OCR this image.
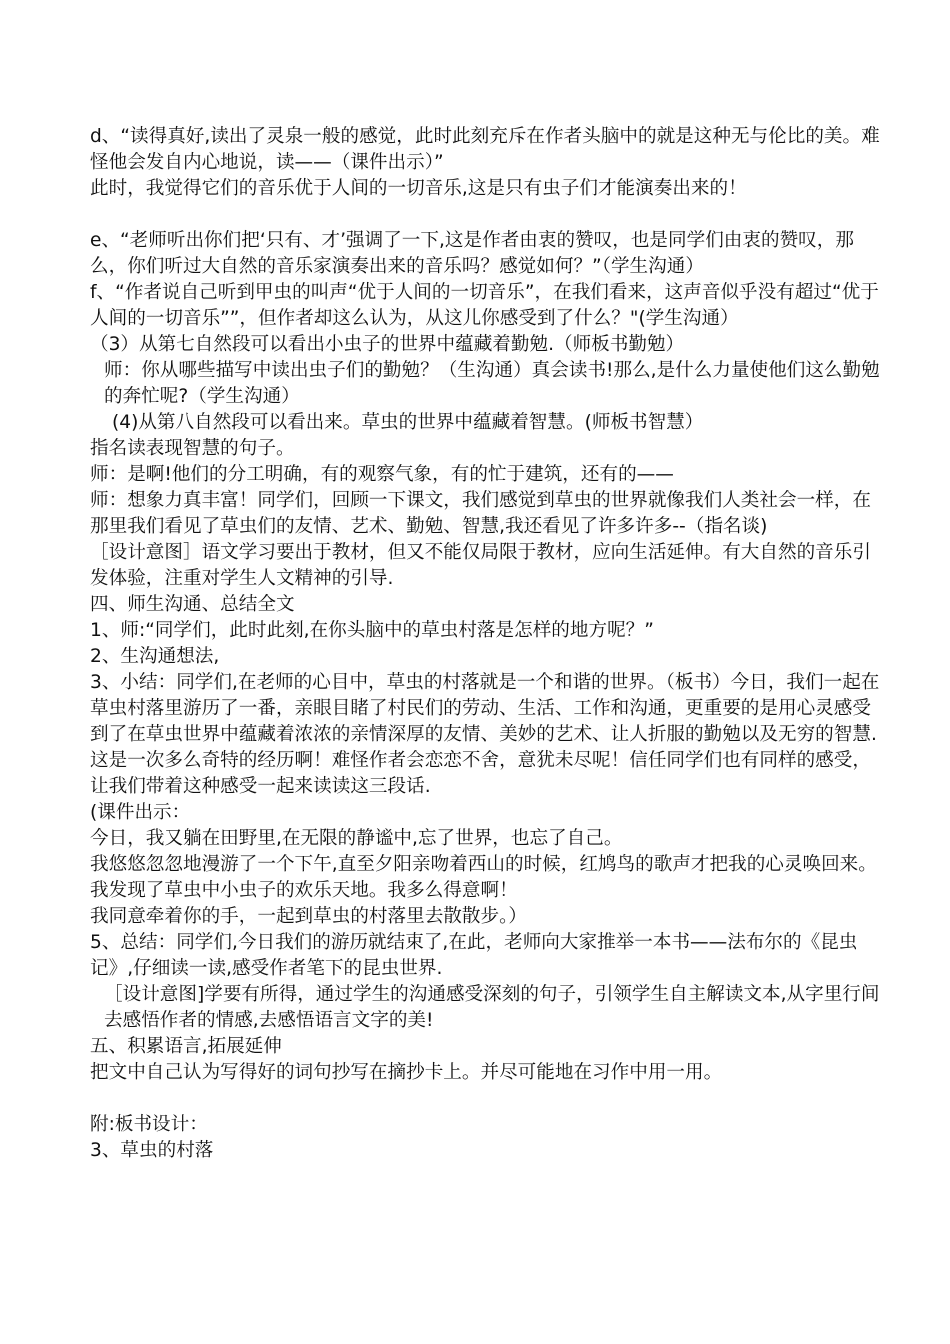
d、“读得真好,读出了灵泉一般的感觉，此时此刻充斥在作者头脑中的就是这种无与伦比的美。难怪他会发自内心地说，读——（课件出示）”

此时，我觉得它们的音乐优于人间的一切音乐,这是只有虫子们才能演奏出来的！

e、“老师听出你们把‘只有、才’强调了一下,这是作者由衷的赞叹，也是同学们由衷的赞叹，那么，你们听过大自然的音乐家演奏出来的音乐吗？感觉如何？”（学生沟通）

f、“作者说自己听到甲虫的叫声“优于人间的一切音乐”，在我们看来，这声音似乎没有超过“优于人间的一切音乐””，但作者却这么认为，从这儿你感受到了什么？"(学生沟通）

（3）从第七自然段可以看出小虫子的世界中蕴藏着勤勉.（师板书勤勉）

师：你从哪些描写中读出虫子们的勤勉？（生沟通）真会读书!那么,是什么力量使他们这么勤勉的奔忙呢?（学生沟通）

(4)从第八自然段可以看出来。草虫的世界中蕴藏着智慧。(师板书智慧）

指名读表现智慧的句子。

师：是啊!他们的分工明确，有的观察气象，有的忙于建筑，还有的——

师：想象力真丰富！同学们，回顾一下课文，我们感觉到草虫的世界就像我们人类社会一样，在那里我们看见了草虫们的友情、艺术、勤勉、智慧,我还看见了许多许多--（指名谈)

［设计意图］语文学习要出于教材，但又不能仅局限于教材，应向生活延伸。有大自然的音乐引发体验，注重对学生人文精神的引导.

四、师生沟通、总结全文

1、师:“同学们，此时此刻,在你头脑中的草虫村落是怎样的地方呢？”

2、生沟通想法,

3、小结：同学们,在老师的心目中，草虫的村落就是一个和谐的世界。（板书）今日，我们一起在草虫村落里游历了一番，亲眼目睹了村民们的劳动、生活、工作和沟通，更重要的是用心灵感受到了在草虫世界中蕴藏着浓浓的亲情深厚的友情、美妙的艺术、让人折服的勤勉以及无穷的智慧.这是一次多么奇特的经历啊！难怪作者会恋恋不舍，意犹未尽呢！信任同学们也有同样的感受，让我们带着这种感受一起来读读这三段话.

(课件出示：

今日，我又躺在田野里,在无限的静谧中,忘了世界，也忘了自己。

我悠悠忽忽地漫游了一个下午,直至夕阳亲吻着西山的时候，红鸠鸟的歌声才把我的心灵唤回来。我发现了草虫中小虫子的欢乐天地。我多么得意啊！

我同意牵着你的手，一起到草虫的村落里去散散步。）

5、总结：同学们,今日我们的游历就结束了,在此，老师向大家推举一本书——法布尔的《昆虫记》,仔细读一读,感受作者笔下的昆虫世界.

［设计意图]学要有所得，通过学生的沟通感受深刻的句子，引领学生自主解读文本,从字里行间去感悟作者的情感,去感悟语言文字的美!

五、积累语言,拓展延伸

把文中自己认为写得好的词句抄写在摘抄卡上。并尽可能地在习作中用一用。

附:板书设计：

3、草虫的村落
